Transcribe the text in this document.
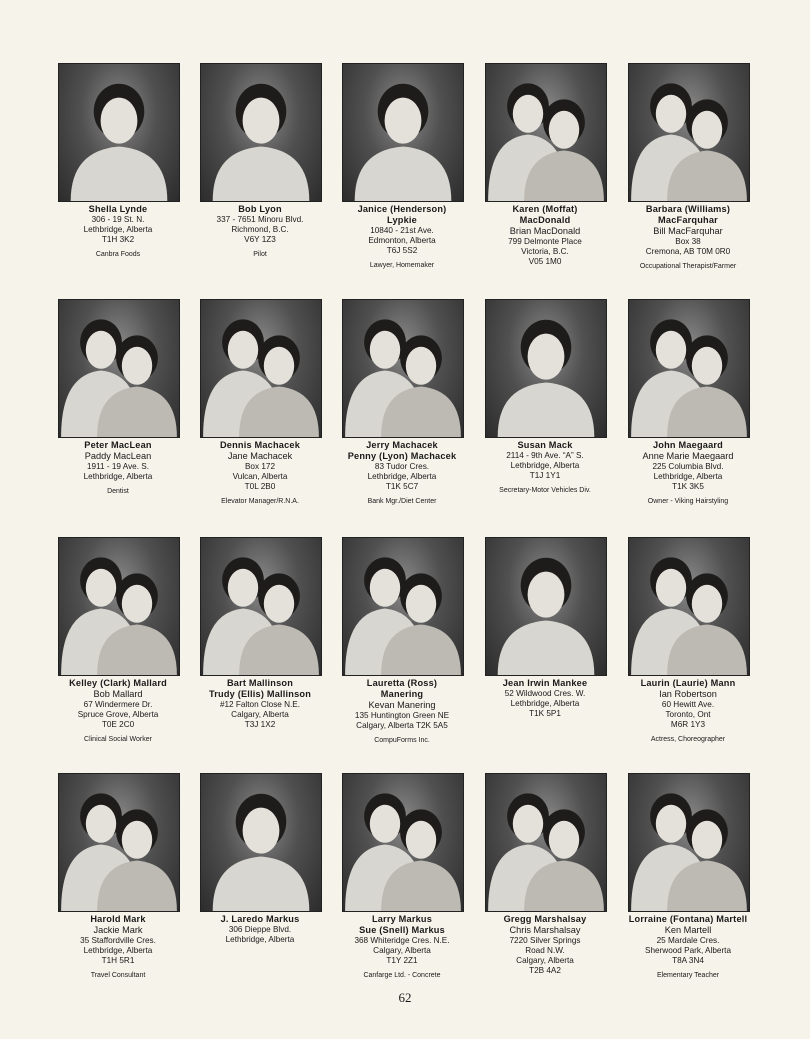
Shella Lynde
306 - 19 St. N.
Lethbridge, Alberta
T1H 3K2
Canbra Foods
Bob Lyon
337 - 7651 Minoru Blvd.
Richmond, B.C.
V6Y 1Z3
Pilot
Janice (Henderson)
Lypkie
10840 - 21st Ave.
Edmonton, Alberta
T6J 5S2
Lawyer, Homemaker
Karen (Moffat)
MacDonald
Brian MacDonald
799 Delmonte Place
Victoria, B.C.
V05 1M0
Barbara (Williams)
MacFarquhar
Bill MacFarquhar
Box 38
Cremona, AB T0M 0R0
Occupational Therapist/Farmer
Peter MacLean
Paddy MacLean
1911 - 19 Ave. S.
Lethbridge, Alberta
Dentist
Dennis Machacek
Jane Machacek
Box 172
Vulcan, Alberta
T0L 2B0
Elevator Manager/R.N.A.
Jerry Machacek
Penny (Lyon) Machacek
83 Tudor Cres.
Lethbridge, Alberta
T1K 5C7
Bank Mgr./Diet Center
Susan Mack
2114 - 9th Ave. “A” S.
Lethbridge, Alberta
T1J 1Y1
Secretary-Motor Vehicles Div.
John Maegaard
Anne Marie Maegaard
225 Columbia Blvd.
Lethbridge, Alberta
T1K 3K5
Owner - Viking Hairstyling
Kelley (Clark) Mallard
Bob Mallard
67 Windermere Dr.
Spruce Grove, Alberta
T0E 2C0
Clinical Social Worker
Bart Mallinson
Trudy (Ellis) Mallinson
#12 Falton Close N.E.
Calgary, Alberta
T3J 1X2
Lauretta (Ross)
Manering
Kevan Manering
135 Huntington Green NE
Calgary, Alberta T2K 5A5
CompuForms Inc.
Jean Irwin Mankee
52 Wildwood Cres. W.
Lethbridge, Alberta
T1K 5P1
Laurin (Laurie) Mann
Ian Robertson
60 Hewitt Ave.
Toronto, Ont
M6R 1Y3
Actress, Choreographer
Harold Mark
Jackie Mark
35 Staffordville Cres.
Lethbridge, Alberta
T1H 5R1
Travel Consultant
J. Laredo Markus
306 Dieppe Blvd.
Lethbridge, Alberta
Larry Markus
Sue (Snell) Markus
368 Whiteridge Cres. N.E.
Calgary, Alberta
T1Y 2Z1
Canfarge Ltd. - Concrete
Gregg Marshalsay
Chris Marshalsay
7220 Silver Springs
Road N.W.
Calgary, Alberta
T2B 4A2
Lorraine (Fontana) Martell
Ken Martell
25 Mardale Cres.
Sherwood Park, Alberta
T8A 3N4
Elementary Teacher
62
